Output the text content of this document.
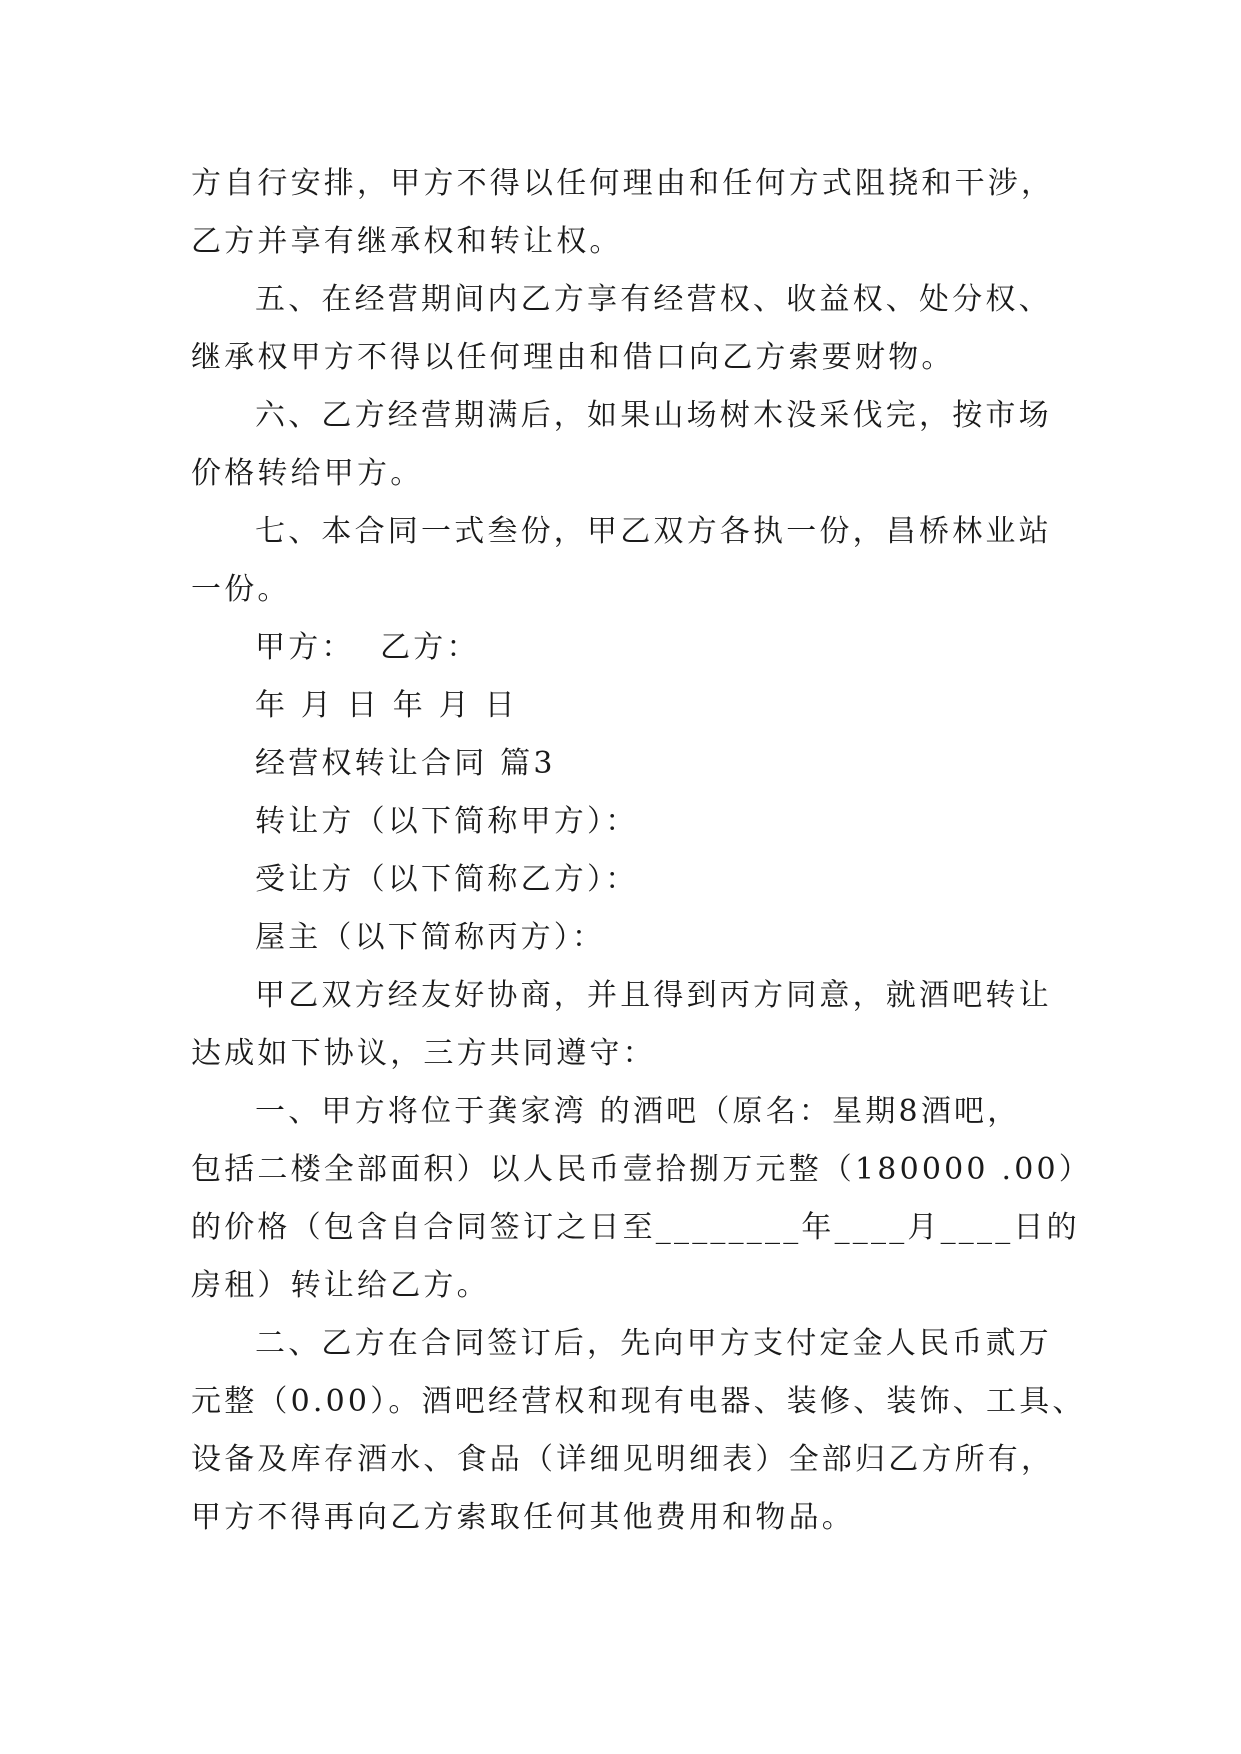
方自行安排，甲方不得以任何理由和任何方式阻挠和干涉，
乙方并享有继承权和转让权。
五、在经营期间内乙方享有经营权、收益权、处分权、
继承权甲方不得以任何理由和借口向乙方索要财物。
六、乙方经营期满后，如果山场树木没采伐完，按市场
价格转给甲方。
七、本合同一式叁份，甲乙双方各执一份，昌桥林业站
一份。
甲方：  乙方：
年 月 日 年 月 日
经营权转让合同 篇3
转让方（以下简称甲方）：
受让方（以下简称乙方）：
屋主（以下简称丙方）：
甲乙双方经友好协商，并且得到丙方同意，就酒吧转让
达成如下协议，三方共同遵守：
一、甲方将位于龚家湾 的酒吧（原名：星期8酒吧，
包括二楼全部面积）以人民币壹拾捌万元整（180000 .00）
的价格（包含自合同签订之日至________年____月____日的
房租）转让给乙方。
二、乙方在合同签订后，先向甲方支付定金人民币贰万
元整（0.00）。酒吧经营权和现有电器、装修、装饰、工具、
设备及库存酒水、食品（详细见明细表）全部归乙方所有，
甲方不得再向乙方索取任何其他费用和物品。
